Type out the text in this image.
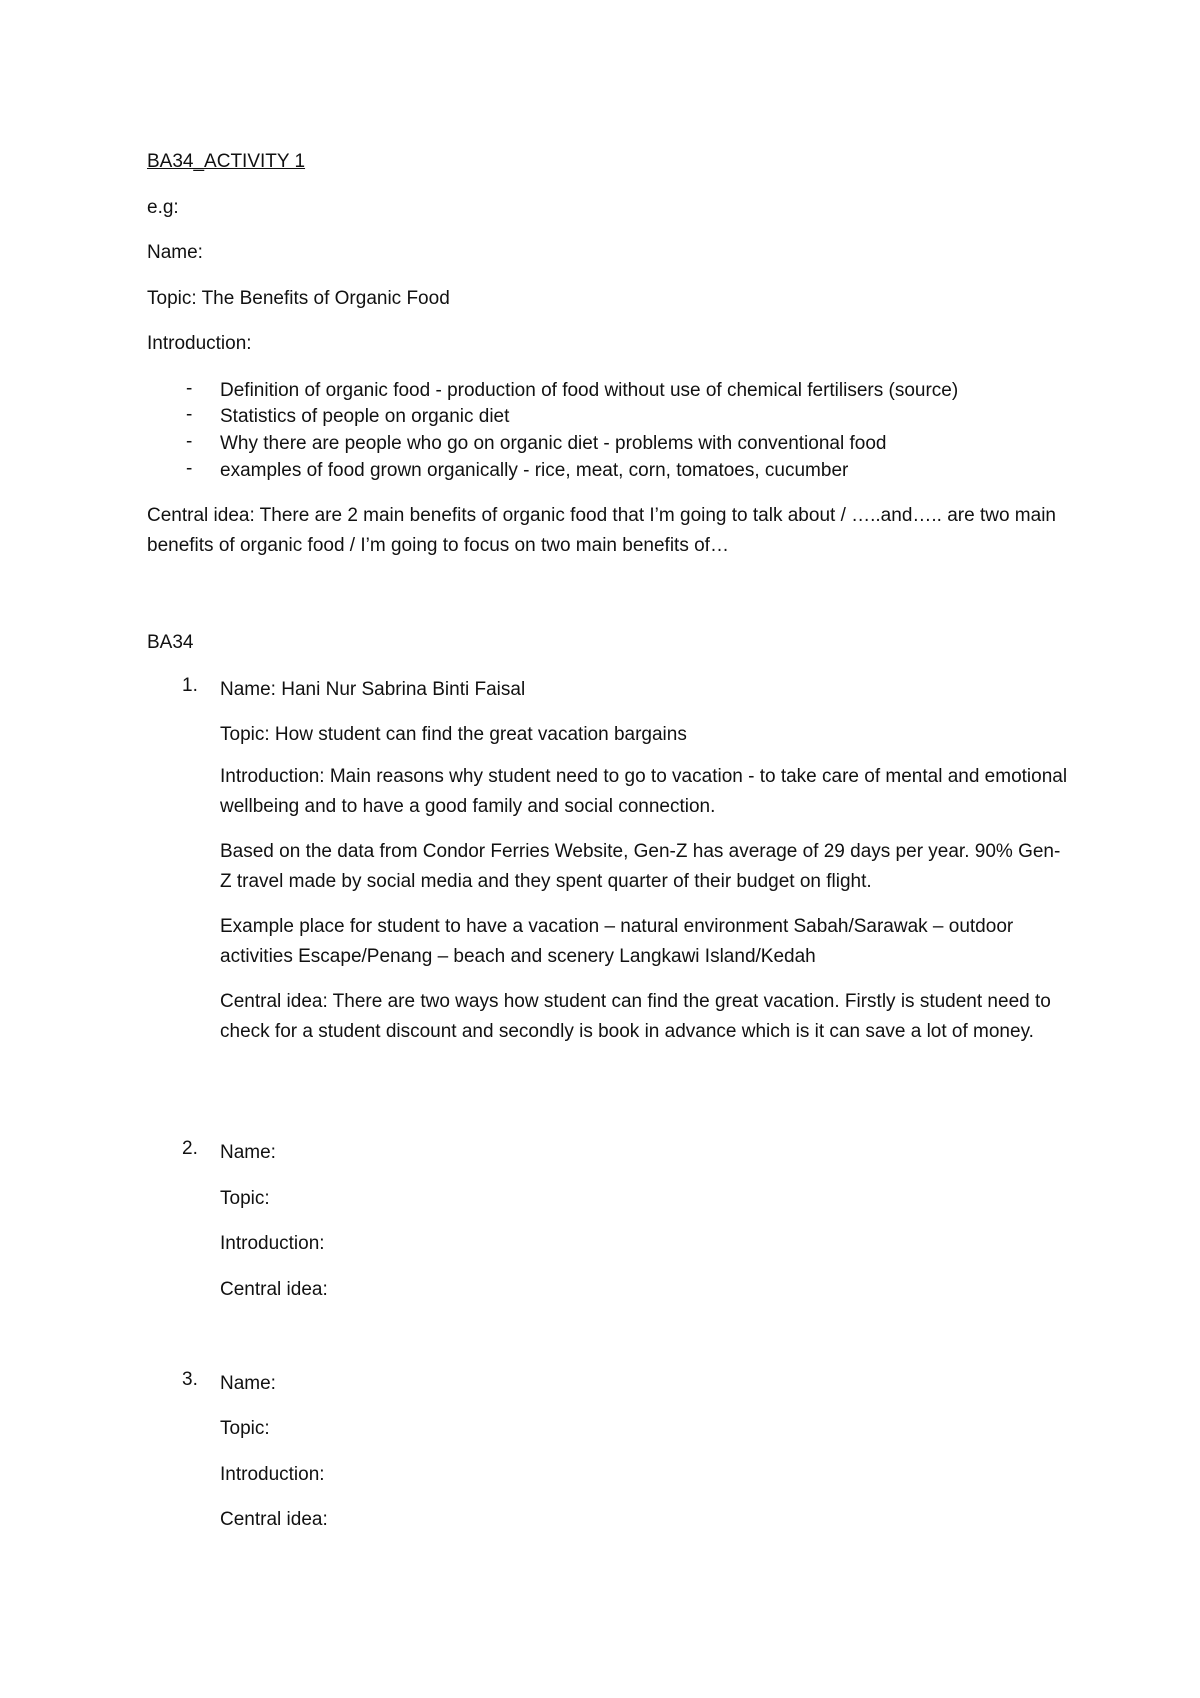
BA34_ACTIVITY 1
e.g:
Name:
Topic: The Benefits of Organic Food
Introduction:
- Definition of organic food - production of food without use of chemical fertilisers (source)
- Statistics of people on organic diet
- Why there are people who go on organic diet - problems with conventional food
- examples of food grown organically - rice, meat, corn, tomatoes, cucumber
Central idea: There are 2 main benefits of organic food that I’m going to talk about / …..and….. are two main benefits of organic food / I’m going to focus on two main benefits of…
BA34
1. Name: Hani Nur Sabrina Binti Faisal
Topic: How student can find the great vacation bargains
Introduction: Main reasons why student need to go to vacation - to take care of mental and emotional wellbeing and to have a good family and social connection.
Based on the data from Condor Ferries Website, Gen-Z has average of 29 days per year. 90% Gen-Z travel made by social media and they spent quarter of their budget on flight.
Example place for student to have a vacation – natural environment Sabah/Sarawak – outdoor activities Escape/Penang – beach and scenery Langkawi Island/Kedah
Central idea: There are two ways how student can find the great vacation. Firstly is student need to check for a student discount and secondly is book in advance which is it can save a lot of money.
2. Name:
Topic:
Introduction:
Central idea:
3. Name:
Topic:
Introduction:
Central idea:
